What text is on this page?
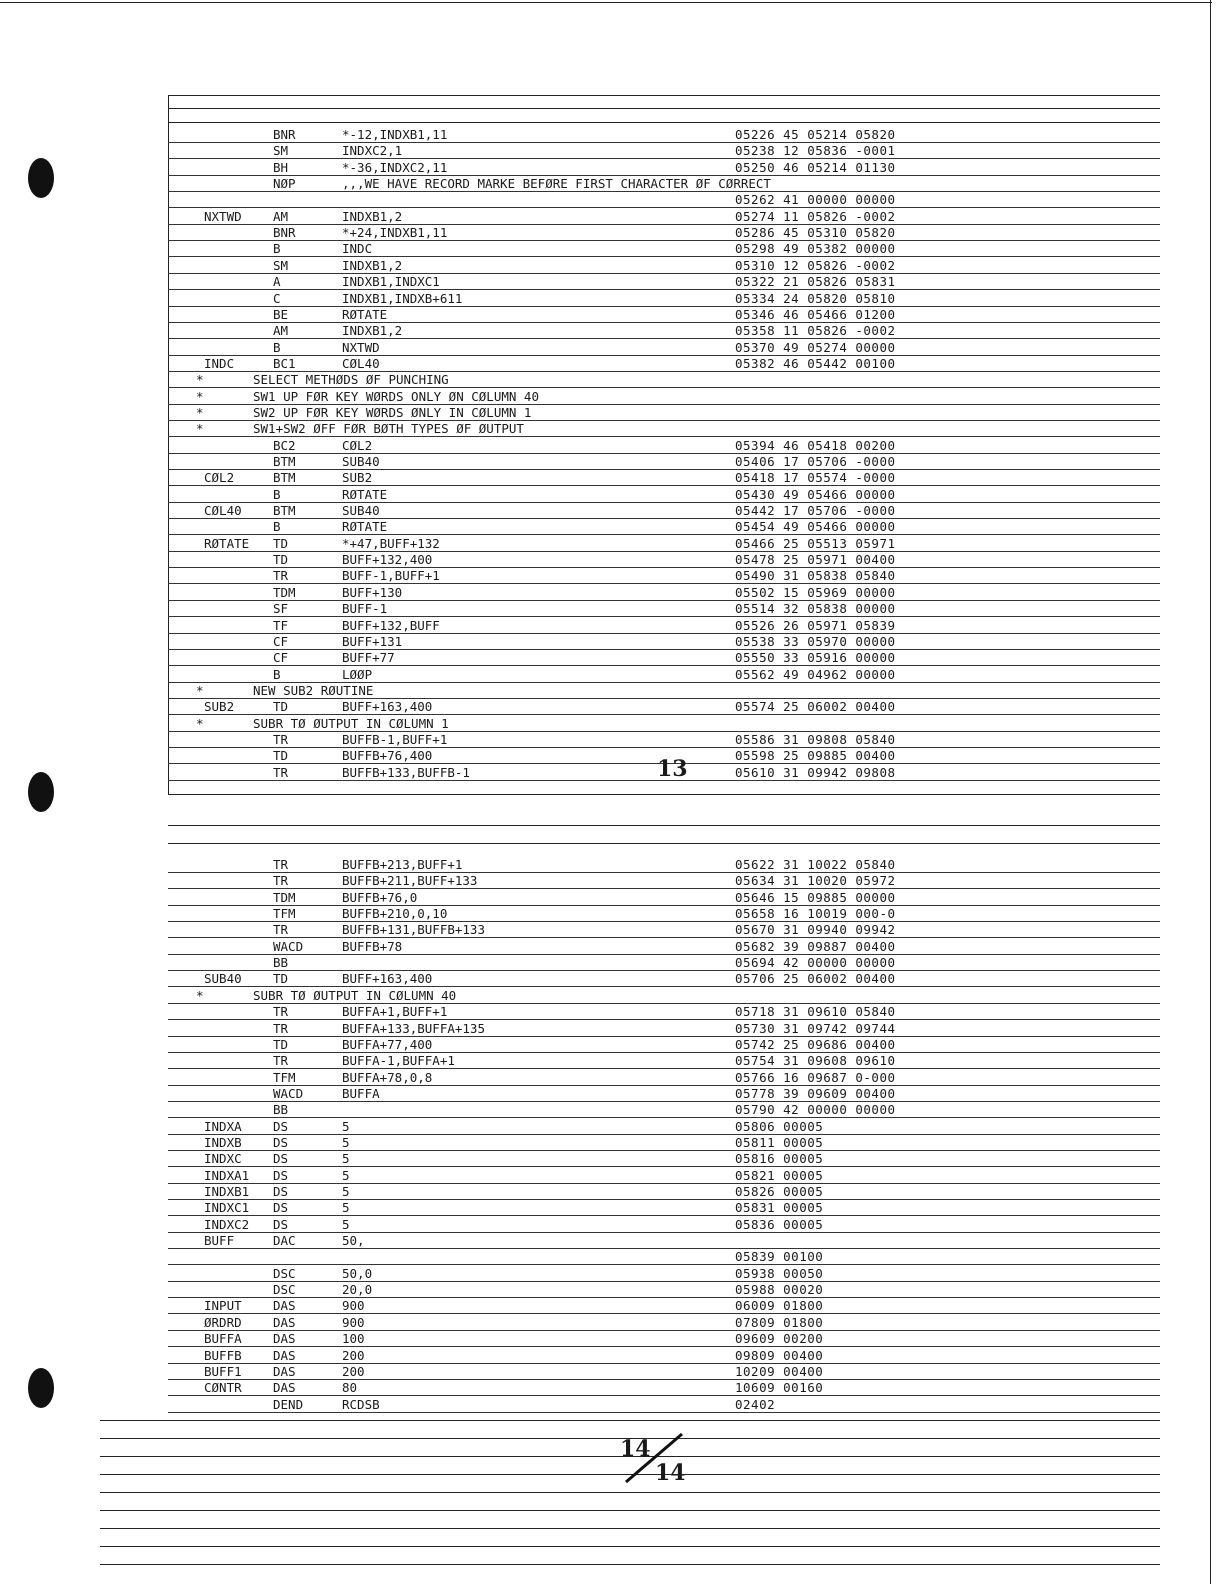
BNR	*-12,INDXB1,11	05226 45 05214 05820
SM	INDXC2,1	05238 12 05836 -0001
BH	*-36,INDXC2,11	05250 46 05214 01130
NØP	,,,WE HAVE RECORD MARKE BEFØRE FIRST CHARACTER ØF CØRRECT
05262 41 00000 00000
NXTWD	AM	INDXB1,2	05274 11 05826 -0002
BNR	*+24,INDXB1,11	05286 45 05310 05820
B	INDC	05298 49 05382 00000
SM	INDXB1,2	05310 12 05826 -0002
A	INDXB1,INDXC1	05322 21 05826 05831
C	INDXB1,INDXB+611	05334 24 05820 05810
BE	RØTATE	05346 46 05466 01200
AM	INDXB1,2	05358 11 05826 -0002
B	NXTWD	05370 49 05274 00000
INDC	BC1	CØL40	05382 46 05442 00100
*	SELECT METHØDS ØF PUNCHING
*	SW1 UP FØR KEY WØRDS ONLY ØN CØLUMN 40
*	SW2 UP FØR KEY WØRDS ØNLY IN CØLUMN 1
*	SW1+SW2 ØFF FØR BØTH TYPES ØF ØUTPUT
BC2	CØL2	05394 46 05418 00200
BTM	SUB40	05406 17 05706 -0000
CØL2	BTM	SUB2	05418 17 05574 -0000
B	RØTATE	05430 49 05466 00000
CØL40	BTM	SUB40	05442 17 05706 -0000
B	RØTATE	05454 49 05466 00000
RØTATE TD	*+47,BUFF+132	05466 25 05513 05971
TD	BUFF+132,400	05478 25 05971 00400
TR	BUFF-1,BUFF+1	05490 31 05838 05840
TDM	BUFF+130	05502 15 05969 00000
SF	BUFF-1	05514 32 05838 00000
TF	BUFF+132,BUFF	05526 26 05971 05839
CF	BUFF+131	05538 33 05970 00000
CF	BUFF+77	05550 33 05916 00000
B	LØØP	05562 49 04962 00000
*	NEW SUB2 RØUTINE
SUB2	TD	BUFF+163,400	05574 25 06002 00400
*	SUBR TØ ØUTPUT IN CØLUMN 1
TR	BUFFB-1,BUFF+1	05586 31 09808 05840
TD	BUFFB+76,400	05598 25 09885 00400
TR	BUFFB+133,BUFFB-1	05610 31 09942 09808
13
TR	BUFFB+213,BUFF+1	05622 31 10022 05840
TR	BUFFB+211,BUFF+133	05634 31 10020 05972
TDM	BUFFB+76,0	05646 15 09885 00000
TFM	BUFFB+210,0,10	05658 16 10019 000-0
TR	BUFFB+131,BUFFB+133	05670 31 09940 09942
WACD	BUFFB+78	05682 39 09887 00400
BB	05694 42 00000 00000
SUB40	TD	BUFF+163,400	05706 25 06002 00400
*	SUBR TØ ØUTPUT IN CØLUMN 40
TR	BUFFA+1,BUFF+1	05718 31 09610 05840
TR	BUFFA+133,BUFFA+135	05730 31 09742 09744
TD	BUFFA+77,400	05742 25 09686 00400
TR	BUFFA-1,BUFFA+1	05754 31 09608 09610
TFM	BUFFA+78,0,8	05766 16 09687 0-000
WACD	BUFFA	05778 39 09609 00400
BB	05790 42 00000 00000
INDXA	DS	5	05806 00005
INDXB	DS	5	05811 00005
INDXC	DS	5	05816 00005
INDXA1 DS	5	05821 00005
INDXB1 DS	5	05826 00005
INDXC1 DS	5	05831 00005
INDXC2 DS	5	05836 00005
BUFF	DAC	50,
05839 00100
DSC	50,0	05938 00050
DSC	20,0	05988 00020
INPUT	DAS	900	06009 01800
ØRDRD	DAS	900	07809 01800
BUFFA	DAS	100	09609 00200
BUFFB	DAS	200	09809 00400
BUFF1	DAS	200	10209 00400
CØNTR	DAS	80	10609 00160
DEND	RCDSB	02402
14
14
